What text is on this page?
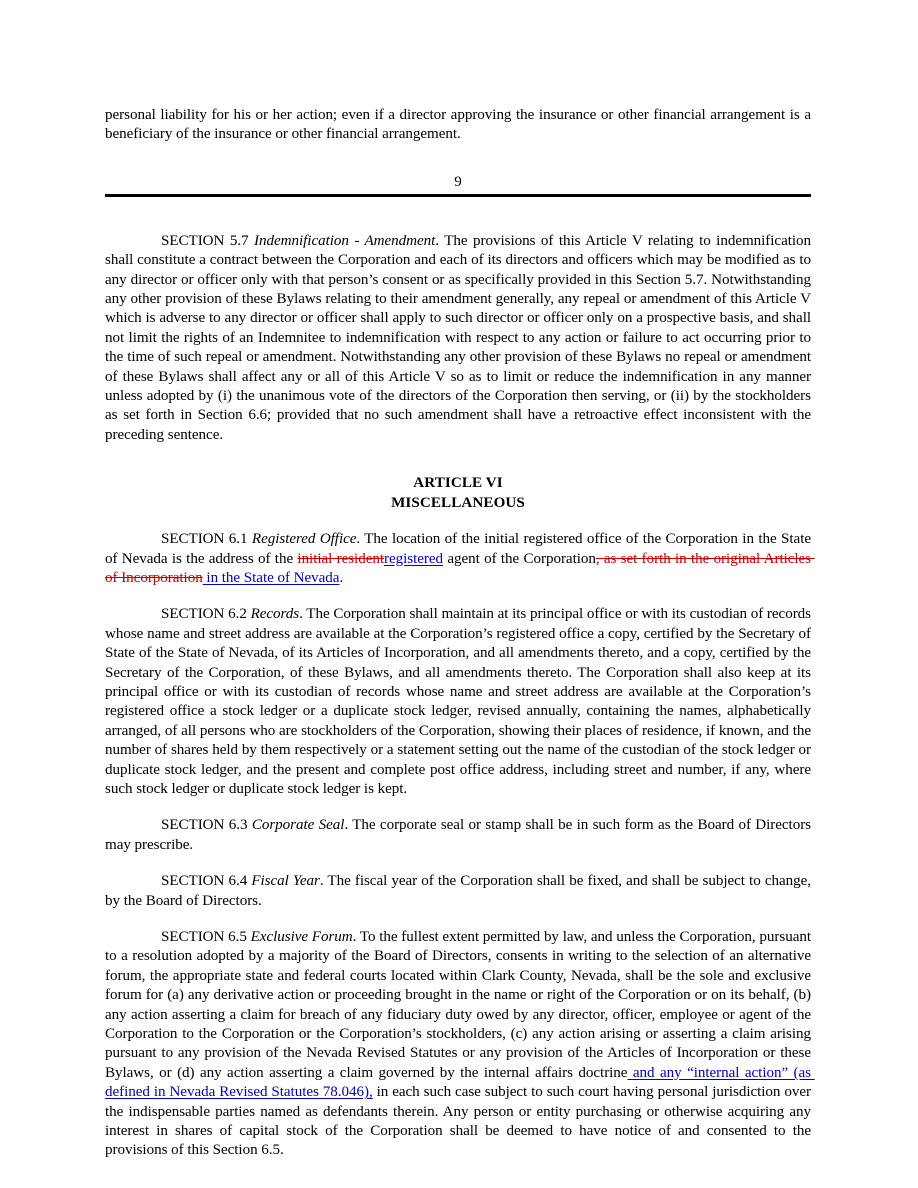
personal liability for his or her action; even if a director approving the insurance or other financial arrangement is a beneficiary of the insurance or other financial arrangement.

9

SECTION 5.7 Indemnification - Amendment. The provisions of this Article V relating to indemnification shall constitute a contract between the Corporation and each of its directors and officers which may be modified as to any director or officer only with that person’s consent or as specifically provided in this Section 5.7. Notwithstanding any other provision of these Bylaws relating to their amendment generally, any repeal or amendment of this Article V which is adverse to any director or officer shall apply to such director or officer only on a prospective basis, and shall not limit the rights of an Indemnitee to indemnification with respect to any action or failure to act occurring prior to the time of such repeal or amendment. Notwithstanding any other provision of these Bylaws no repeal or amendment of these Bylaws shall affect any or all of this Article V so as to limit or reduce the indemnification in any manner unless adopted by (i) the unanimous vote of the directors of the Corporation then serving, or (ii) by the stockholders as set forth in Section 6.6; provided that no such amendment shall have a retroactive effect inconsistent with the preceding sentence.

ARTICLE VI

MISCELLANEOUS

SECTION 6.1 Registered Office. The location of the initial registered office of the Corporation in the State of Nevada is the address of the initial residentregistered agent of the Corporation, as set forth in the original Articles of Incorporation in the State of Nevada.

SECTION 6.2 Records. The Corporation shall maintain at its principal office or with its custodian of records whose name and street address are available at the Corporation’s registered office a copy, certified by the Secretary of State of the State of Nevada, of its Articles of Incorporation, and all amendments thereto, and a copy, certified by the Secretary of the Corporation, of these Bylaws, and all amendments thereto. The Corporation shall also keep at its principal office or with its custodian of records whose name and street address are available at the Corporation’s registered office a stock ledger or a duplicate stock ledger, revised annually, containing the names, alphabetically arranged, of all persons who are stockholders of the Corporation, showing their places of residence, if known, and the number of shares held by them respectively or a statement setting out the name of the custodian of the stock ledger or duplicate stock ledger, and the present and complete post office address, including street and number, if any, where such stock ledger or duplicate stock ledger is kept.

SECTION 6.3 Corporate Seal. The corporate seal or stamp shall be in such form as the Board of Directors may prescribe.

SECTION 6.4 Fiscal Year. The fiscal year of the Corporation shall be fixed, and shall be subject to change, by the Board of Directors.

SECTION 6.5 Exclusive Forum. To the fullest extent permitted by law, and unless the Corporation, pursuant to a resolution adopted by a majority of the Board of Directors, consents in writing to the selection of an alternative forum, the appropriate state and federal courts located within Clark County, Nevada, shall be the sole and exclusive forum for (a) any derivative action or proceeding brought in the name or right of the Corporation or on its behalf, (b) any action asserting a claim for breach of any fiduciary duty owed by any director, officer, employee or agent of the Corporation to the Corporation or the Corporation’s stockholders, (c) any action arising or asserting a claim arising pursuant to any provision of the Nevada Revised Statutes or any provision of the Articles of Incorporation or these Bylaws, or (d) any action asserting a claim governed by the internal affairs doctrine and any “internal action” (as defined in Nevada Revised Statutes 78.046), in each such case subject to such court having personal jurisdiction over the indispensable parties named as defendants therein. Any person or entity purchasing or otherwise acquiring any interest in shares of capital stock of the Corporation shall be deemed to have notice of and consented to the provisions of this Section 6.5.
